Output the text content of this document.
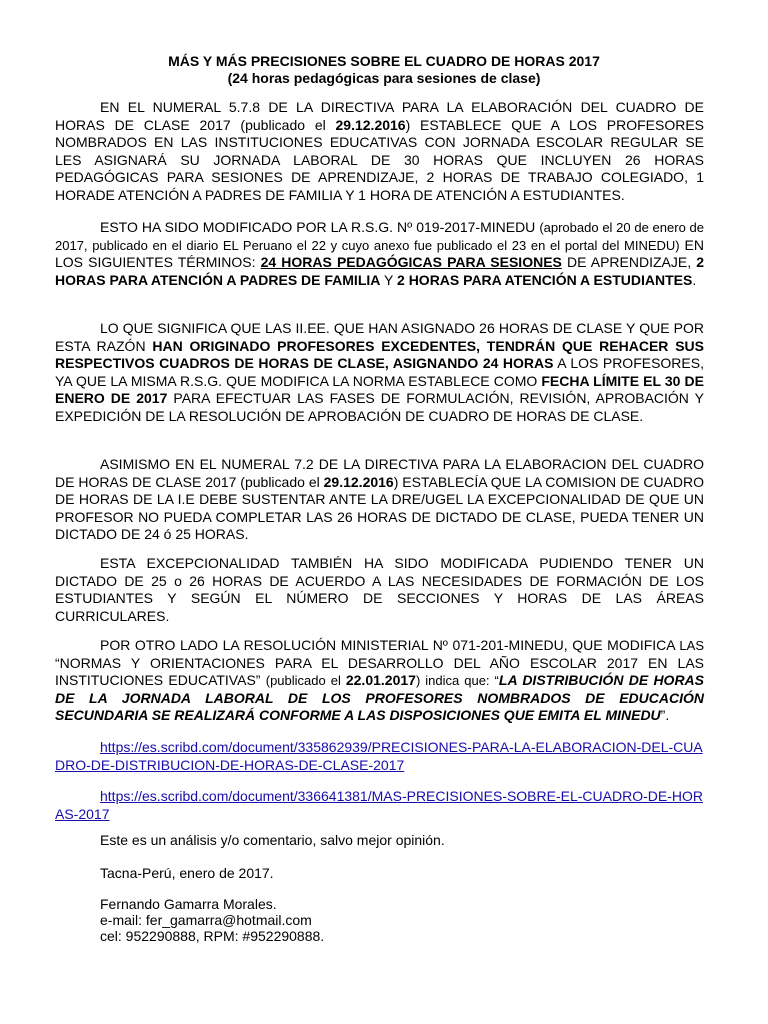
MÁS Y MÁS PRECISIONES SOBRE EL CUADRO DE HORAS 2017
(24 horas pedagógicas para sesiones de clase)

EN EL NUMERAL 5.7.8 DE LA DIRECTIVA PARA LA ELABORACIÓN DEL CUADRO DE HORAS DE CLASE 2017 (publicado el 29.12.2016) ESTABLECE QUE A LOS PROFESORES NOMBRADOS EN LAS INSTITUCIONES EDUCATIVAS CON JORNADA ESCOLAR REGULAR SE LES ASIGNARÁ SU JORNADA LABORAL DE 30 HORAS QUE INCLUYEN 26 HORAS PEDAGÓGICAS PARA SESIONES DE APRENDIZAJE, 2 HORAS DE TRABAJO COLEGIADO, 1 HORADE ATENCIÓN A PADRES DE FAMILIA Y 1 HORA DE ATENCIÓN A ESTUDIANTES.

ESTO HA SIDO MODIFICADO POR LA R.S.G. Nº 019-2017-MINEDU (aprobado el 20 de enero de 2017, publicado en el diario EL Peruano el 22 y cuyo anexo fue publicado el 23 en el portal del MINEDU) EN LOS SIGUIENTES TÉRMINOS: 24 HORAS PEDAGÓGICAS PARA SESIONES DE APRENDIZAJE, 2 HORAS PARA ATENCIÓN A PADRES DE FAMILIA Y 2 HORAS PARA ATENCIÓN A ESTUDIANTES.

LO QUE SIGNIFICA QUE LAS II.EE. QUE HAN ASIGNADO 26 HORAS DE CLASE Y QUE POR ESTA RAZÓN HAN ORIGINADO PROFESORES EXCEDENTES, TENDRÁN QUE REHACER SUS RESPECTIVOS CUADROS DE HORAS DE CLASE, ASIGNANDO 24 HORAS A LOS PROFESORES, YA QUE LA MISMA R.S.G. QUE MODIFICA LA NORMA ESTABLECE COMO FECHA LÍMITE EL 30 DE ENERO DE 2017 PARA EFECTUAR LAS FASES DE FORMULACIÓN, REVISIÓN, APROBACIÓN Y EXPEDICIÓN DE LA RESOLUCIÓN DE APROBACIÓN DE CUADRO DE HORAS DE CLASE.

ASIMISMO EN EL NUMERAL 7.2 DE LA DIRECTIVA PARA LA ELABORACION DEL CUADRO DE HORAS DE CLASE 2017 (publicado el 29.12.2016) ESTABLECÍA QUE LA COMISION DE CUADRO DE HORAS DE LA I.E DEBE SUSTENTAR ANTE LA DRE/UGEL LA EXCEPCIONALIDAD DE QUE UN PROFESOR NO PUEDA COMPLETAR LAS 26 HORAS DE DICTADO DE CLASE, PUEDA TENER UN DICTADO DE 24 ó 25 HORAS.

ESTA EXCEPCIONALIDAD TAMBIÉN HA SIDO MODIFICADA PUDIENDO TENER UN DICTADO DE 25 o 26 HORAS DE ACUERDO A LAS NECESIDADES DE FORMACIÓN DE LOS ESTUDIANTES Y SEGÚN EL NÚMERO DE SECCIONES Y HORAS DE LAS ÁREAS CURRICULARES.

POR OTRO LADO LA RESOLUCIÓN MINISTERIAL Nº 071-201-MINEDU, QUE MODIFICA LAS “NORMAS Y ORIENTACIONES PARA EL DESARROLLO DEL AÑO ESCOLAR 2017 EN LAS INSTITUCIONES EDUCATIVAS” (publicado el 22.01.2017) indica que: “LA DISTRIBUCIÓN DE HORAS DE LA JORNADA LABORAL DE LOS PROFESORES NOMBRADOS DE EDUCACIÓN SECUNDARIA SE REALIZARÁ CONFORME A LAS DISPOSICIONES QUE EMITA EL MINEDU”.

https://es.scribd.com/document/335862939/PRECISIONES-PARA-LA-ELABORACION-DEL-CUADRO-DE-DISTRIBUCION-DE-HORAS-DE-CLASE-2017
https://es.scribd.com/document/336641381/MAS-PRECISIONES-SOBRE-EL-CUADRO-DE-HORAS-2017
Este es un análisis y/o comentario, salvo mejor opinión.
Tacna-Perú, enero de 2017.
Fernando Gamarra Morales.
e-mail: fer_gamarra@hotmail.com
cel: 952290888, RPM: #952290888.
